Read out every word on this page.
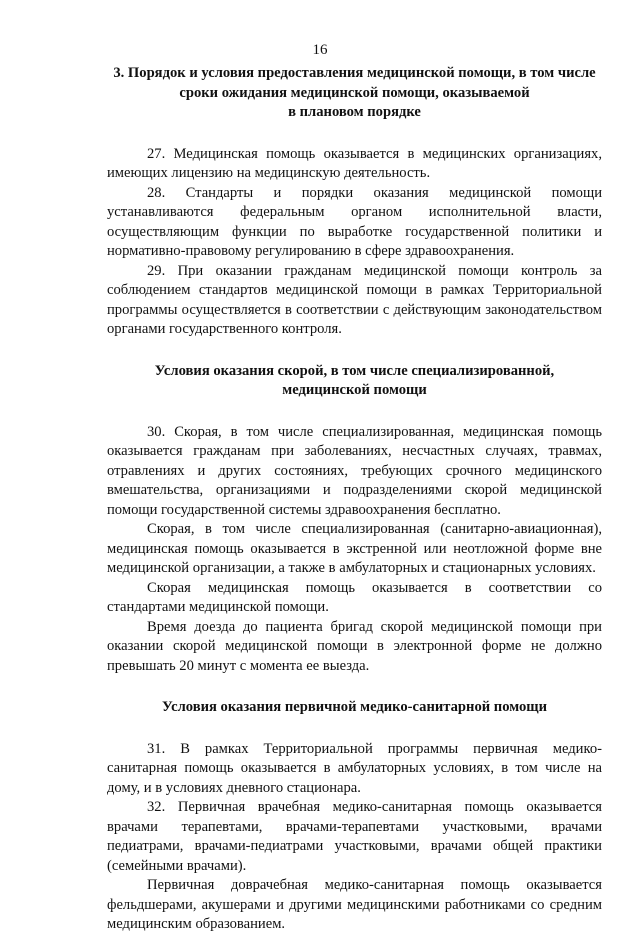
16
3. Порядок и условия предоставления медицинской помощи, в том числе
сроки ожидания медицинской помощи, оказываемой
в плановом порядке

27. Медицинская помощь оказывается в медицинских организациях, имеющих лицензию на медицинскую деятельность.

28. Стандарты и порядки оказания медицинской помощи устанавливаются федеральным органом исполнительной власти, осуществляющим функции по выработке государственной политики и нормативно-правовому регулированию в сфере здравоохранения.

29. При оказании гражданам медицинской помощи контроль за соблюдением стандартов медицинской помощи в рамках Территориальной программы осуществляется в соответствии с действующим законодательством органами государственного контроля.

Условия оказания скорой, в том числе специализированной,
медицинской помощи

30. Скорая, в том числе специализированная, медицинская помощь оказывается гражданам при заболеваниях, несчастных случаях, травмах, отравлениях и других состояниях, требующих срочного медицинского вмешательства, организациями и подразделениями скорой медицинской помощи государственной системы здравоохранения бесплатно.

Скорая, в том числе специализированная (санитарно-авиационная), медицинская помощь оказывается в экстренной или неотложной форме вне медицинской организации, а также в амбулаторных и стационарных условиях.

Скорая медицинская помощь оказывается в соответствии со стандартами медицинской помощи.

Время доезда до пациента бригад скорой медицинской помощи при оказании скорой медицинской помощи в электронной форме не должно превышать 20 минут с момента ее выезда.

Условия оказания первичной медико-санитарной помощи

31. В рамках Территориальной программы первичная медико-санитарная помощь оказывается в амбулаторных условиях, в том числе на дому, и в условиях дневного стационара.

32. Первичная врачебная медико-санитарная помощь оказывается врачами терапевтами, врачами-терапевтами участковыми, врачами педиатрами, врачами-педиатрами участковыми, врачами общей практики (семейными врачами).

Первичная доврачебная медико-санитарная помощь оказывается фельдшерами, акушерами и другими медицинскими работниками со средним медицинским образованием.
